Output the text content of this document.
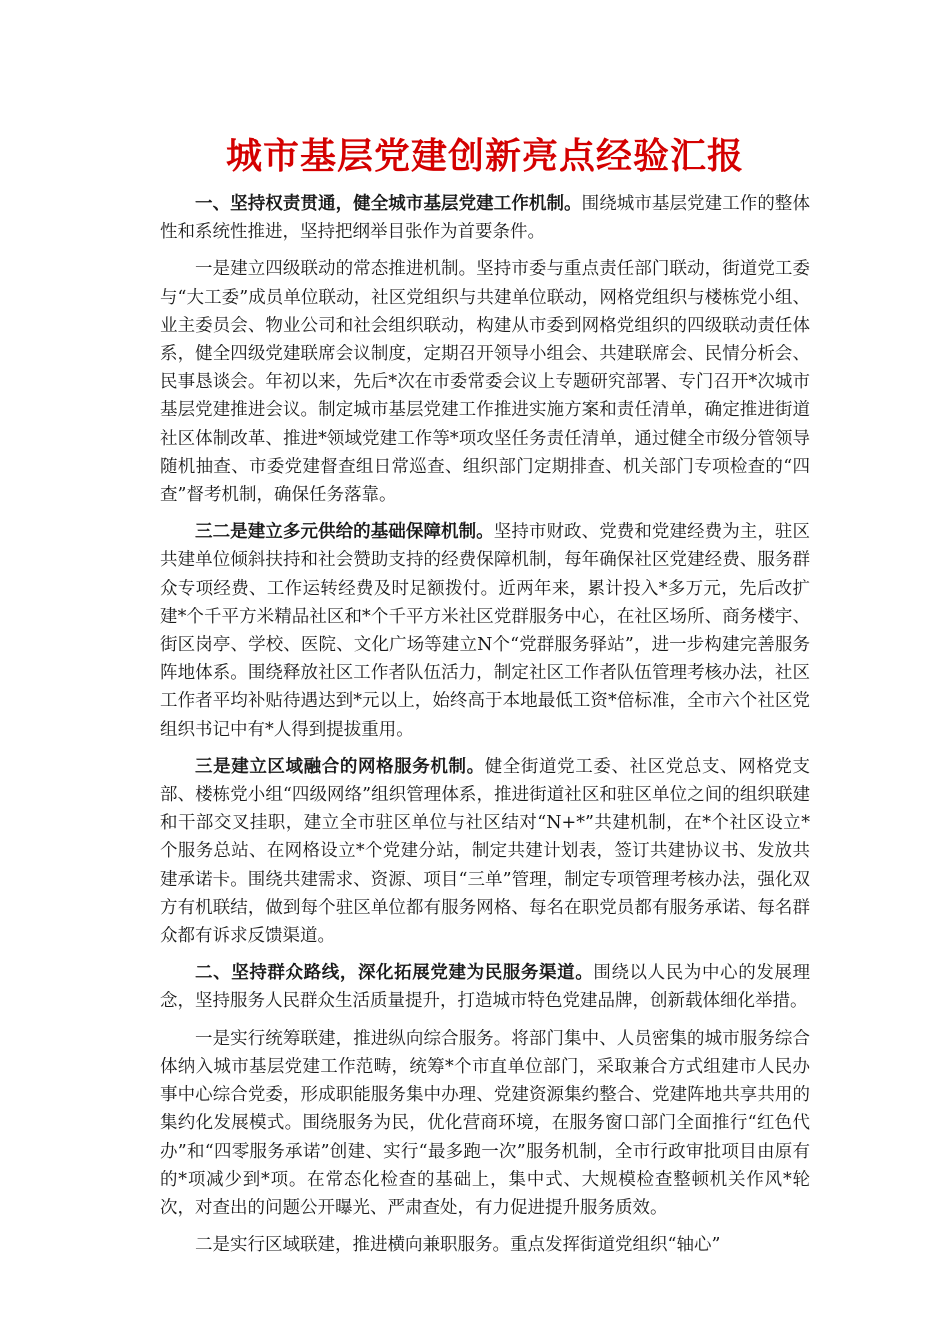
城市基层党建创新亮点经验汇报

一、坚持权责贯通，健全城市基层党建工作机制。围绕城市基层党建工作的整体性和系统性推进，坚持把纲举目张作为首要条件。

一是建立四级联动的常态推进机制。坚持市委与重点责任部门联动，街道党工委与“大工委”成员单位联动，社区党组织与共建单位联动，网格党组织与楼栋党小组、业主委员会、物业公司和社会组织联动，构建从市委到网格党组织的四级联动责任体系，健全四级党建联席会议制度，定期召开领导小组会、共建联席会、民情分析会、民事恳谈会。年初以来，先后*次在市委常委会议上专题研究部署、专门召开*次城市基层党建推进会议。制定城市基层党建工作推进实施方案和责任清单，确定推进街道社区体制改革、推进*领域党建工作等*项攻坚任务责任清单，通过健全市级分管领导随机抽查、市委党建督查组日常巡查、组织部门定期排查、机关部门专项检查的“四查”督考机制，确保任务落靠。

三二是建立多元供给的基础保障机制。坚持市财政、党费和党建经费为主，驻区共建单位倾斜扶持和社会赞助支持的经费保障机制，每年确保社区党建经费、服务群众专项经费、工作运转经费及时足额拨付。近两年来，累计投入*多万元，先后改扩建*个千平方米精品社区和*个千平方米社区党群服务中心，在社区场所、商务楼宇、街区岗亭、学校、医院、文化广场等建立N个“党群服务驿站”，进一步构建完善服务阵地体系。围绕释放社区工作者队伍活力，制定社区工作者队伍管理考核办法，社区工作者平均补贴待遇达到*元以上，始终高于本地最低工资*倍标准，全市六个社区党组织书记中有*人得到提拔重用。

三是建立区域融合的网格服务机制。健全街道党工委、社区党总支、网格党支部、楼栋党小组“四级网络”组织管理体系，推进街道社区和驻区单位之间的组织联建和干部交叉挂职，建立全市驻区单位与社区结对“N+*”共建机制，在*个社区设立*个服务总站、在网格设立*个党建分站，制定共建计划表，签订共建协议书、发放共建承诺卡。围绕共建需求、资源、项目“三单”管理，制定专项管理考核办法，强化双方有机联结，做到每个驻区单位都有服务网格、每名在职党员都有服务承诺、每名群众都有诉求反馈渠道。

二、坚持群众路线，深化拓展党建为民服务渠道。围绕以人民为中心的发展理念，坚持服务人民群众生活质量提升，打造城市特色党建品牌，创新载体细化举措。

一是实行统筹联建，推进纵向综合服务。将部门集中、人员密集的城市服务综合体纳入城市基层党建工作范畴，统筹*个市直单位部门，采取兼合方式组建市人民办事中心综合党委，形成职能服务集中办理、党建资源集约整合、党建阵地共享共用的集约化发展模式。围绕服务为民，优化营商环境，在服务窗口部门全面推行“红色代办”和“四零服务承诺”创建、实行“最多跑一次”服务机制，全市行政审批项目由原有的*项减少到*项。在常态化检查的基础上，集中式、大规模检查整顿机关作风*轮次，对查出的问题公开曝光、严肃查处，有力促进提升服务质效。

二是实行区域联建，推进横向兼职服务。重点发挥街道党组织“轴心”
